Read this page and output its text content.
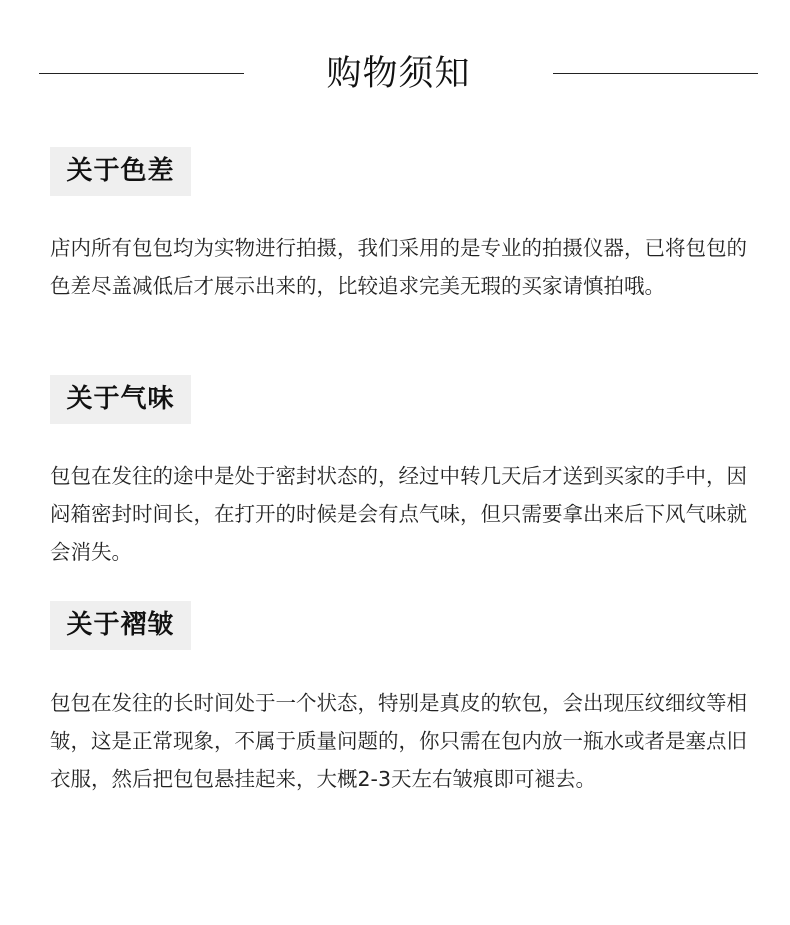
购物须知
关于色差

店内所有包包均为实物进行拍摄，我们采用的是专业的拍摄仪器，已将包包的色差尽盖减低后才展示出来的，比较追求完美无瑕的买家请慎拍哦。

关于气味

包包在发往的途中是处于密封状态的，经过中转几天后才送到买家的手中，因闷箱密封时间长，在打开的时候是会有点气味，但只需要拿出来后下风气味就会消失。

关于褶皱

包包在发往的长时间处于一个状态，特别是真皮的软包，会出现压纹细纹等相皱，这是正常现象，不属于质量问题的，你只需在包内放一瓶水或者是塞点旧衣服，然后把包包悬挂起来，大概2-3天左右皱痕即可褪去。
